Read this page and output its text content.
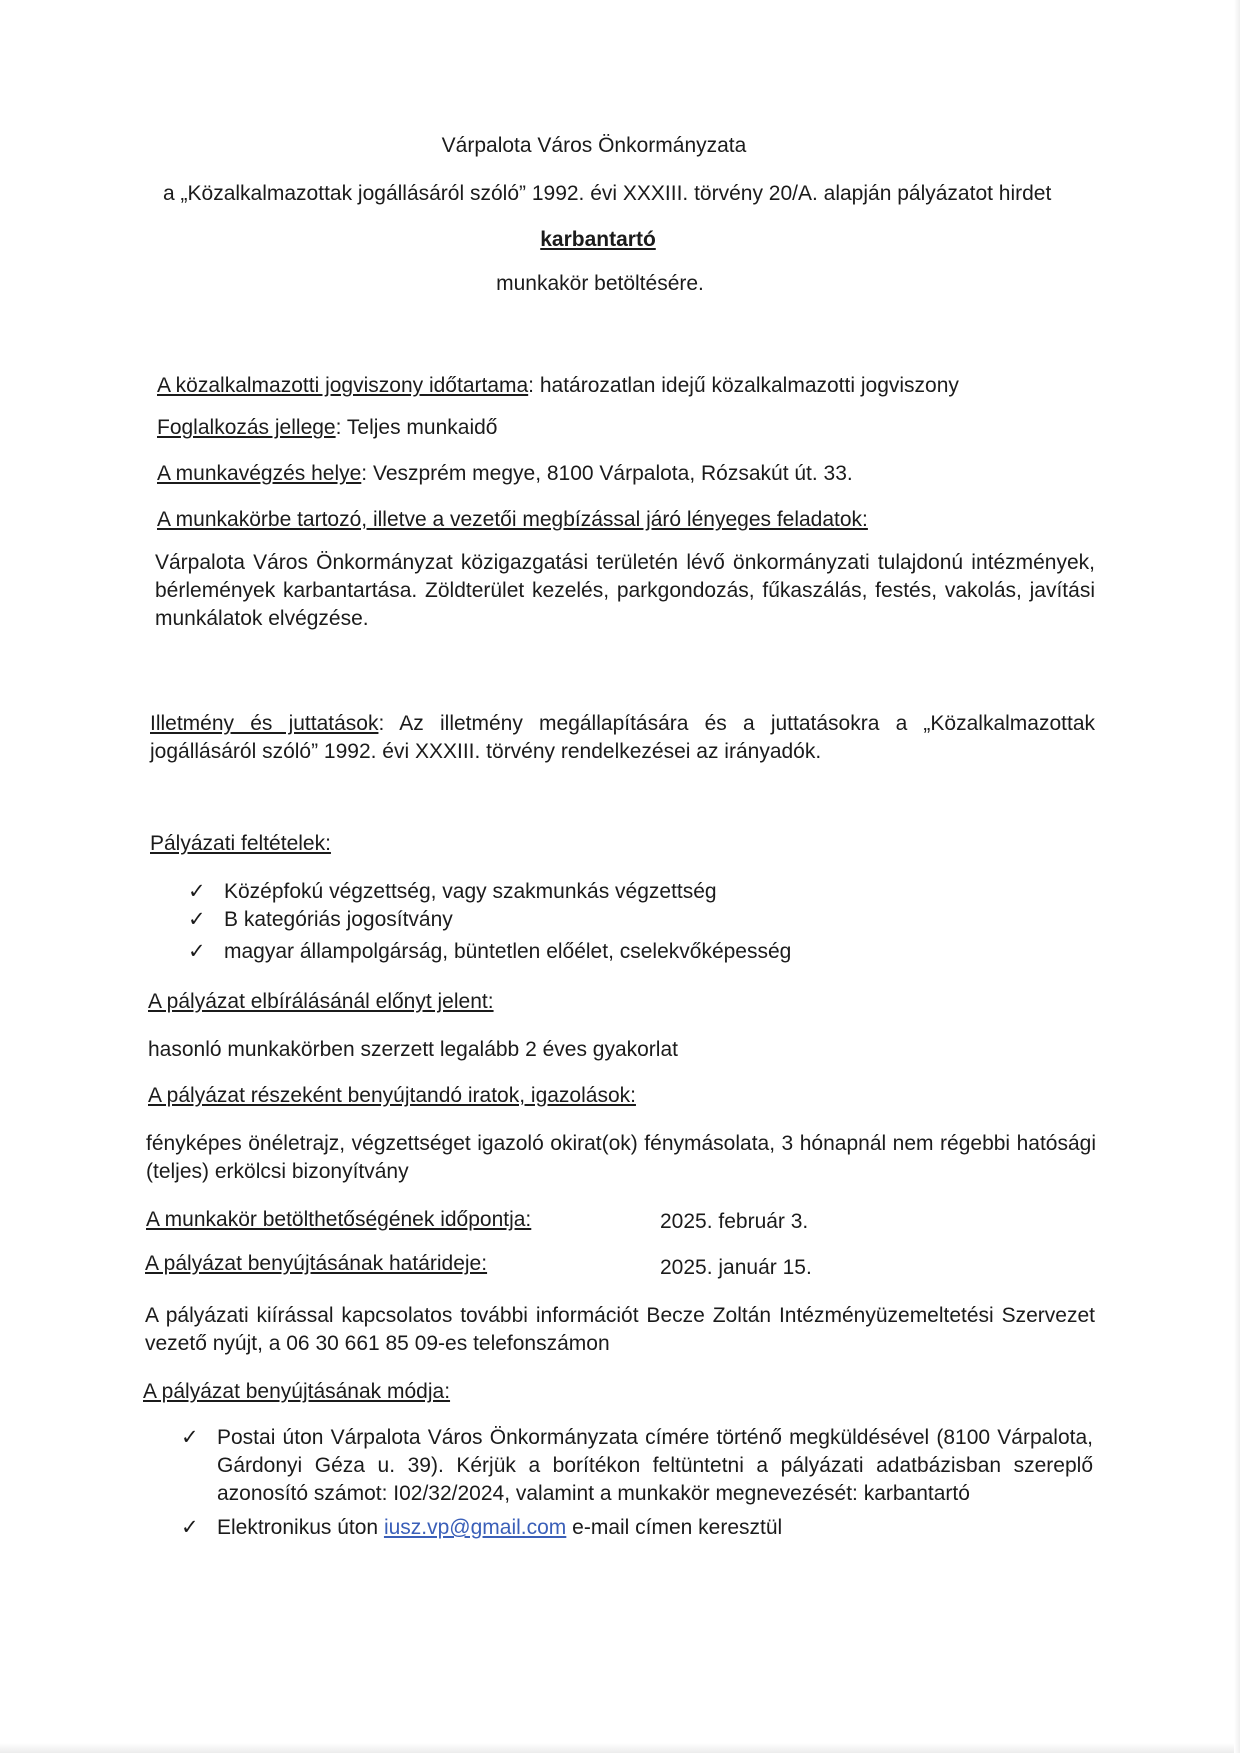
Várpalota Város Önkormányzata
a „Közalkalmazottak jogállásáról szóló” 1992. évi XXXIII. törvény 20/A. alapján pályázatot hirdet
karbantartó
munkakör betöltésére.
A közalkalmazotti jogviszony időtartama: határozatlan idejű közalkalmazotti jogviszony
Foglalkozás jellege: Teljes munkaidő
A munkavégzés helye: Veszprém megye, 8100 Várpalota, Rózsakút út. 33.
A munkakörbe tartozó, illetve a vezetői megbízással járó lényeges feladatok:
Várpalota Város Önkormányzat közigazgatási területén lévő önkormányzati tulajdonú intézmények, bérlemények karbantartása. Zöldterület kezelés, parkgondozás, fűkaszálás, festés, vakolás, javítási munkálatok elvégzése.
Illetmény és juttatások: Az illetmény megállapítására és a juttatásokra a „Közalkalmazottak jogállásáról szóló” 1992. évi XXXIII. törvény rendelkezései az irányadók.
Pályázati feltételek:
✓ Középfokú végzettség, vagy szakmunkás végzettség
✓ B kategóriás jogosítvány
✓ magyar állampolgárság, büntetlen előélet, cselekvőképesség
A pályázat elbírálásánál előnyt jelent:
hasonló munkakörben szerzett legalább 2 éves gyakorlat
A pályázat részeként benyújtandó iratok, igazolások:
fényképes önéletrajz, végzettséget igazoló okirat(ok) fénymásolata, 3 hónapnál nem régebbi hatósági (teljes) erkölcsi bizonyítvány
A munkakör betölthetőségének időpontja:	2025. február 3.
A pályázat benyújtásának határideje:	2025. január 15.
A pályázati kiírással kapcsolatos további információt Becze Zoltán Intézményüzemeltetési Szervezet vezető nyújt, a 06 30 661 85 09-es telefonszámon
A pályázat benyújtásának módja:
✓ Postai úton Várpalota Város Önkormányzata címére történő megküldésével (8100 Várpalota, Gárdonyi Géza u. 39). Kérjük a borítékon feltüntetni a pályázati adatbázisban szereplő azonosító számot: I02/32/2024, valamint a munkakör megnevezését: karbantartó
✓ Elektronikus úton iusz.vp@gmail.com e-mail címen keresztül
